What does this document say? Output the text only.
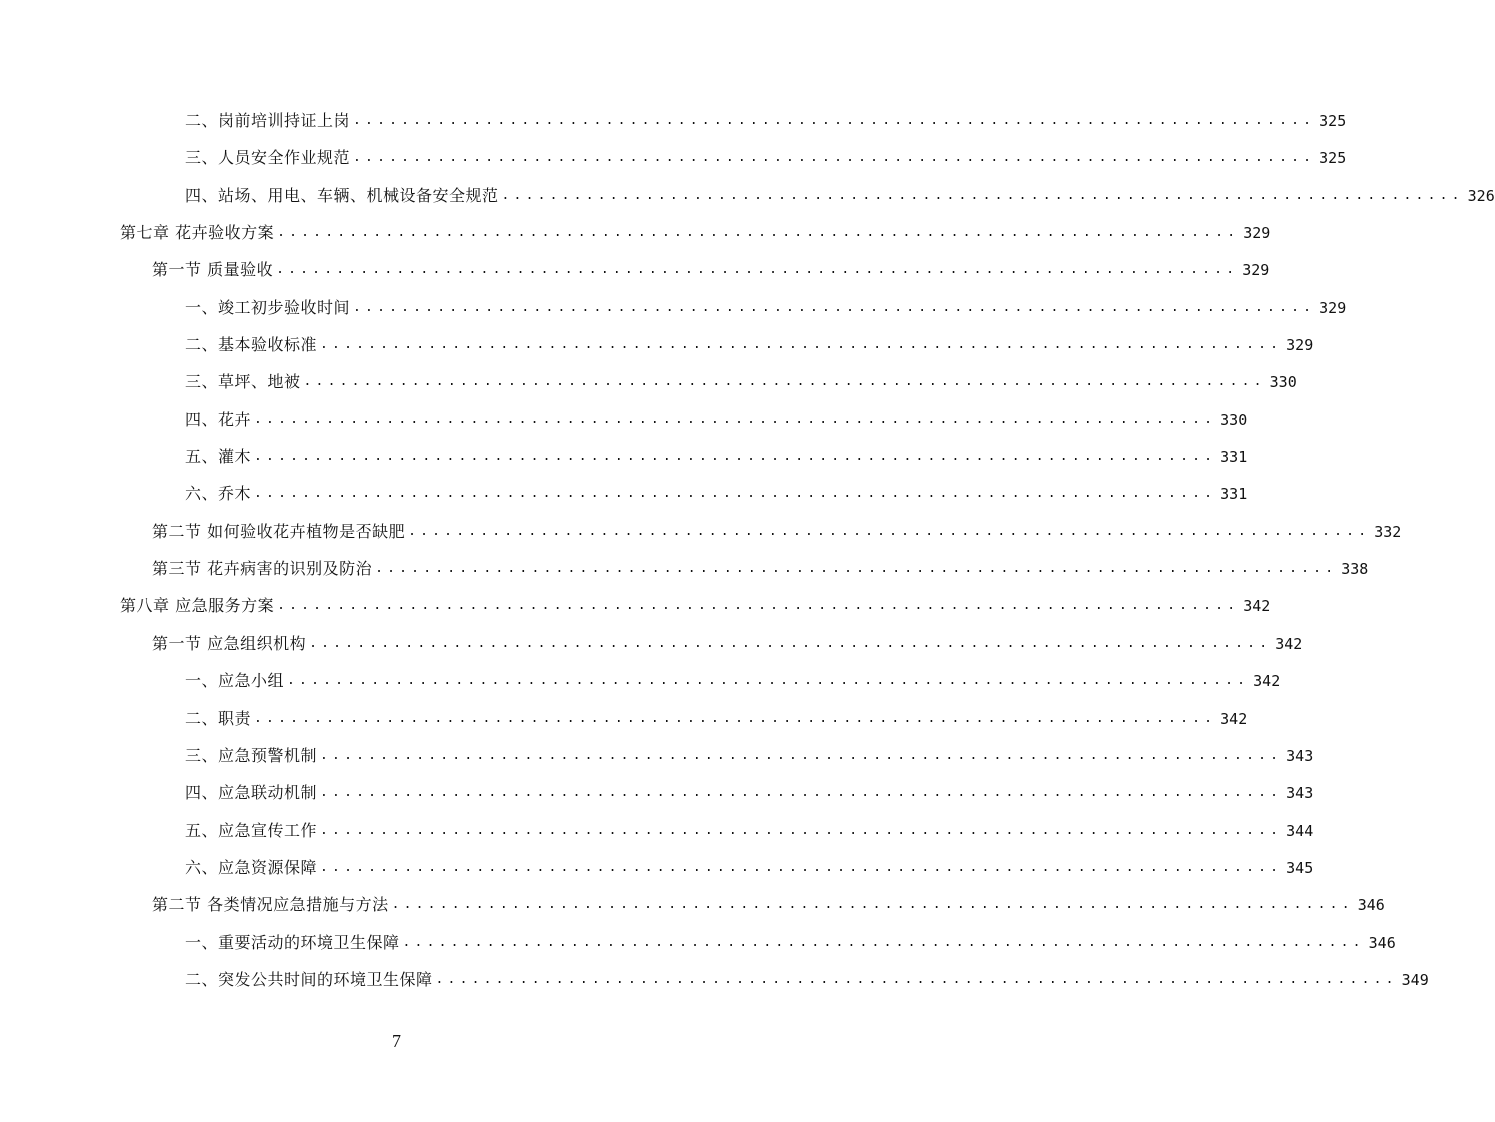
二、岗前培训持证上岗 ................................................................................ 325
三、人员安全作业规范 ................................................................................ 325
四、站场、用电、车辆、机械设备安全规范 ................................................................................ 326
第七章 花卉验收方案 ................................................................................ 329
第一节 质量验收 ................................................................................ 329
一、竣工初步验收时间 ................................................................................ 329
二、基本验收标准 ................................................................................ 329
三、草坪、地被 ................................................................................ 330
四、花卉 ................................................................................ 330
五、灌木 ................................................................................ 331
六、乔木 ................................................................................ 331
第二节 如何验收花卉植物是否缺肥 ................................................................................ 332
第三节 花卉病害的识别及防治 ................................................................................ 338
第八章 应急服务方案 ................................................................................ 342
第一节 应急组织机构 ................................................................................ 342
一、应急小组 ................................................................................ 342
二、职责 ................................................................................ 342
三、应急预警机制 ................................................................................ 343
四、应急联动机制 ................................................................................ 343
五、应急宣传工作 ................................................................................ 344
六、应急资源保障 ................................................................................ 345
第二节 各类情况应急措施与方法 ................................................................................ 346
一、重要活动的环境卫生保障 ................................................................................ 346
二、突发公共时间的环境卫生保障 ................................................................................ 349
7
